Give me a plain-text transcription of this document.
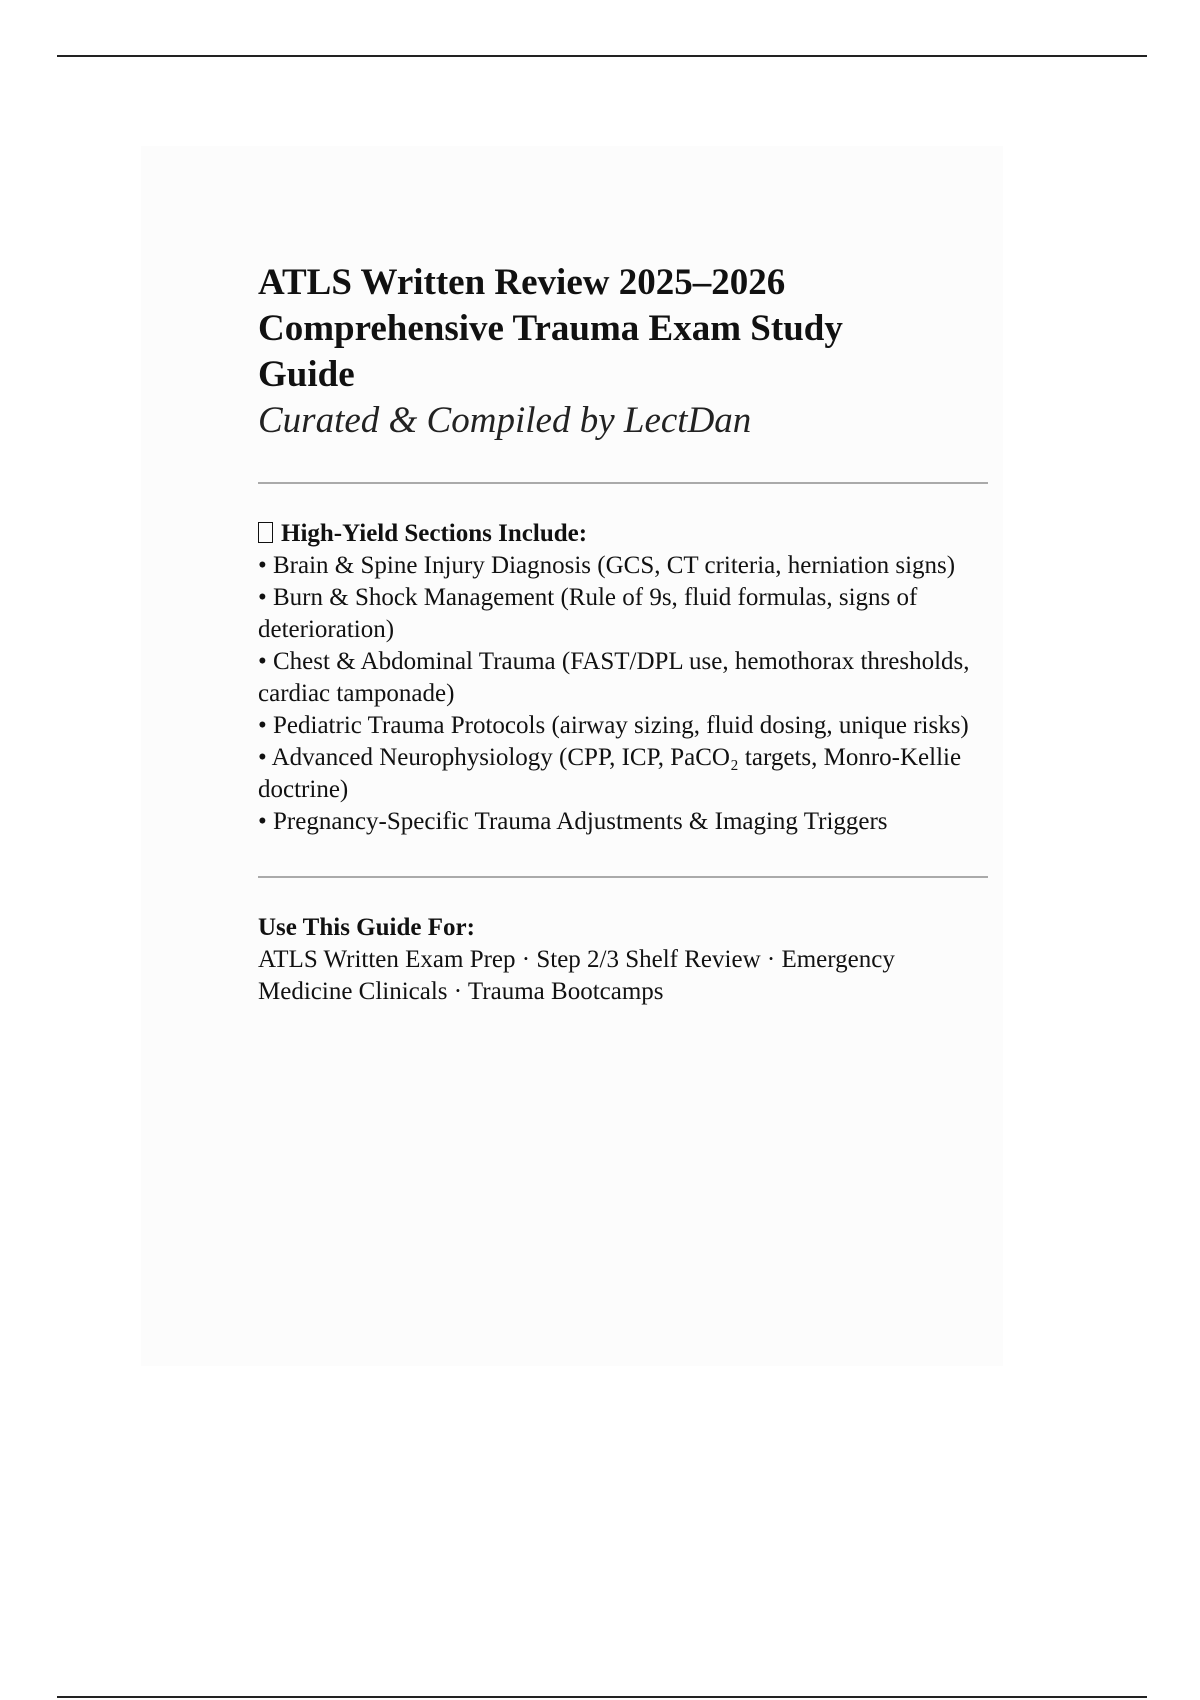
ATLS Written Review 2025–2026
Comprehensive Trauma Exam Study
Guide
Curated & Compiled by LectDan
High-Yield Sections Include:
• Brain & Spine Injury Diagnosis (GCS, CT criteria, herniation signs)
• Burn & Shock Management (Rule of 9s, fluid formulas, signs of deterioration)
• Chest & Abdominal Trauma (FAST/DPL use, hemothorax thresholds, cardiac tamponade)
• Pediatric Trauma Protocols (airway sizing, fluid dosing, unique risks)
• Advanced Neurophysiology (CPP, ICP, PaCO₂ targets, Monro-Kellie doctrine)
• Pregnancy-Specific Trauma Adjustments & Imaging Triggers
Use This Guide For:
ATLS Written Exam Prep · Step 2/3 Shelf Review · Emergency Medicine Clinicals · Trauma Bootcamps
